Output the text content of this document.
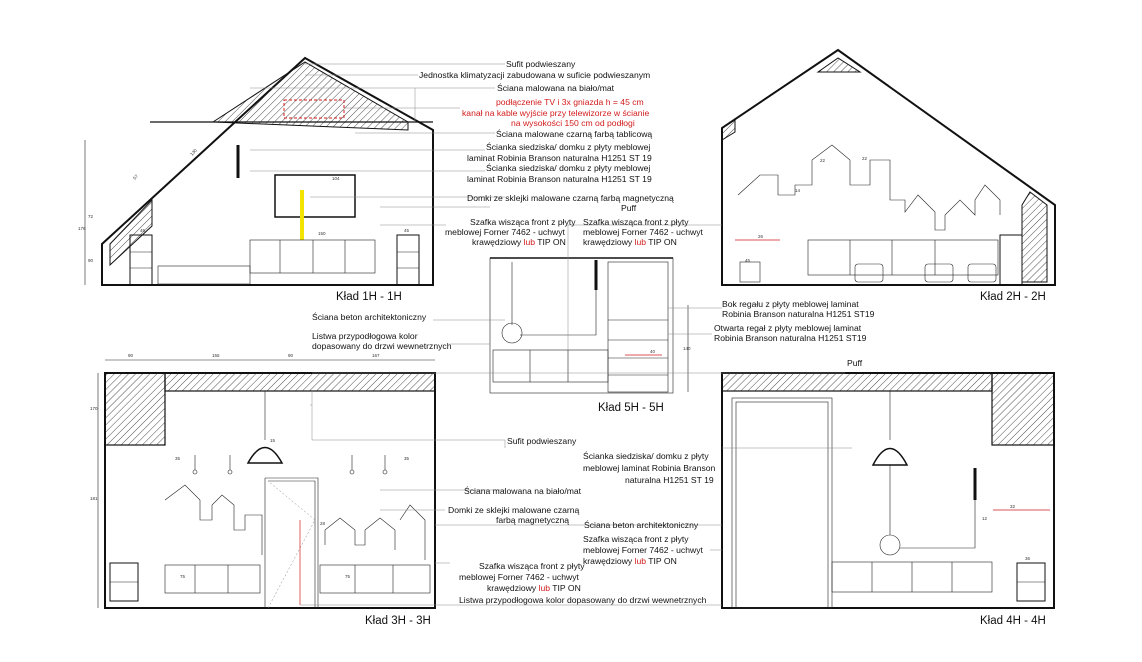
176
72
90
45
130
57	104
150
45
Kład 1H - 1H
26
45
22	22
14
Kład 2H - 2H
40
140
Kład 5H - 5H
90	155	90	167
170
181
15
35	35
28
75	75
Kład 3H - 3H
32
12
36
Kład 4H - 4H
Sufit podwieszany
Jednostka klimatyzacji zabudowana w suficie podwieszanym
Ściana malowana na biało/mat
podłączenie TV i 3x gniazda h = 45 cm
kanał na kable wyjście przy telewizorze w ścianie
na wysokości 150 cm od podłogi
Ściana malowane czarną farbą tablicową
Ścianka siedziska/ domku z płyty meblowej
laminat Robinia Branson naturalna H1251 ST 19
Ścianka siedziska/ domku z płyty meblowej
laminat Robinia Branson naturalna H1251 ST 19
Domki ze sklejki malowane czarną farbą magnetyczną
Puff
Szafka wisząca front z płyty
meblowej Forner 7462 - uchwyt
krawędziowy lub TIP ON
Szafka wisząca front z płyty
meblowej Forner 7462 - uchwyt
krawędziowy lub TIP ON
Ściana beton architektoniczny
Listwa przypodłogowa kolor
dopasowany do drzwi wewnetrznych
Bok regału z płyty meblowej laminat
Robinia Branson naturalna H1251 ST19
Otwarta regał z płyty meblowej laminat
Robinia Branson naturalna H1251 ST19
Puff
Sufit podwieszany
Ścianka siedziska/ domku z płyty
meblowej laminat Robinia Branson
naturalna H1251 ST 19
Ściana malowana na biało/mat
Domki ze sklejki malowane czarną
farbą magnetyczną Ściana beton architektoniczny
Szafka wisząca front z płyty
meblowej Forner 7462 - uchwyt
krawędziowy lub TIP ON
Szafka wisząca front z płyty
meblowej Forner 7462 - uchwyt
krawędziowy lub TIP ON
Listwa przypodłogowa kolor dopasowany do drzwi wewnetrznych
